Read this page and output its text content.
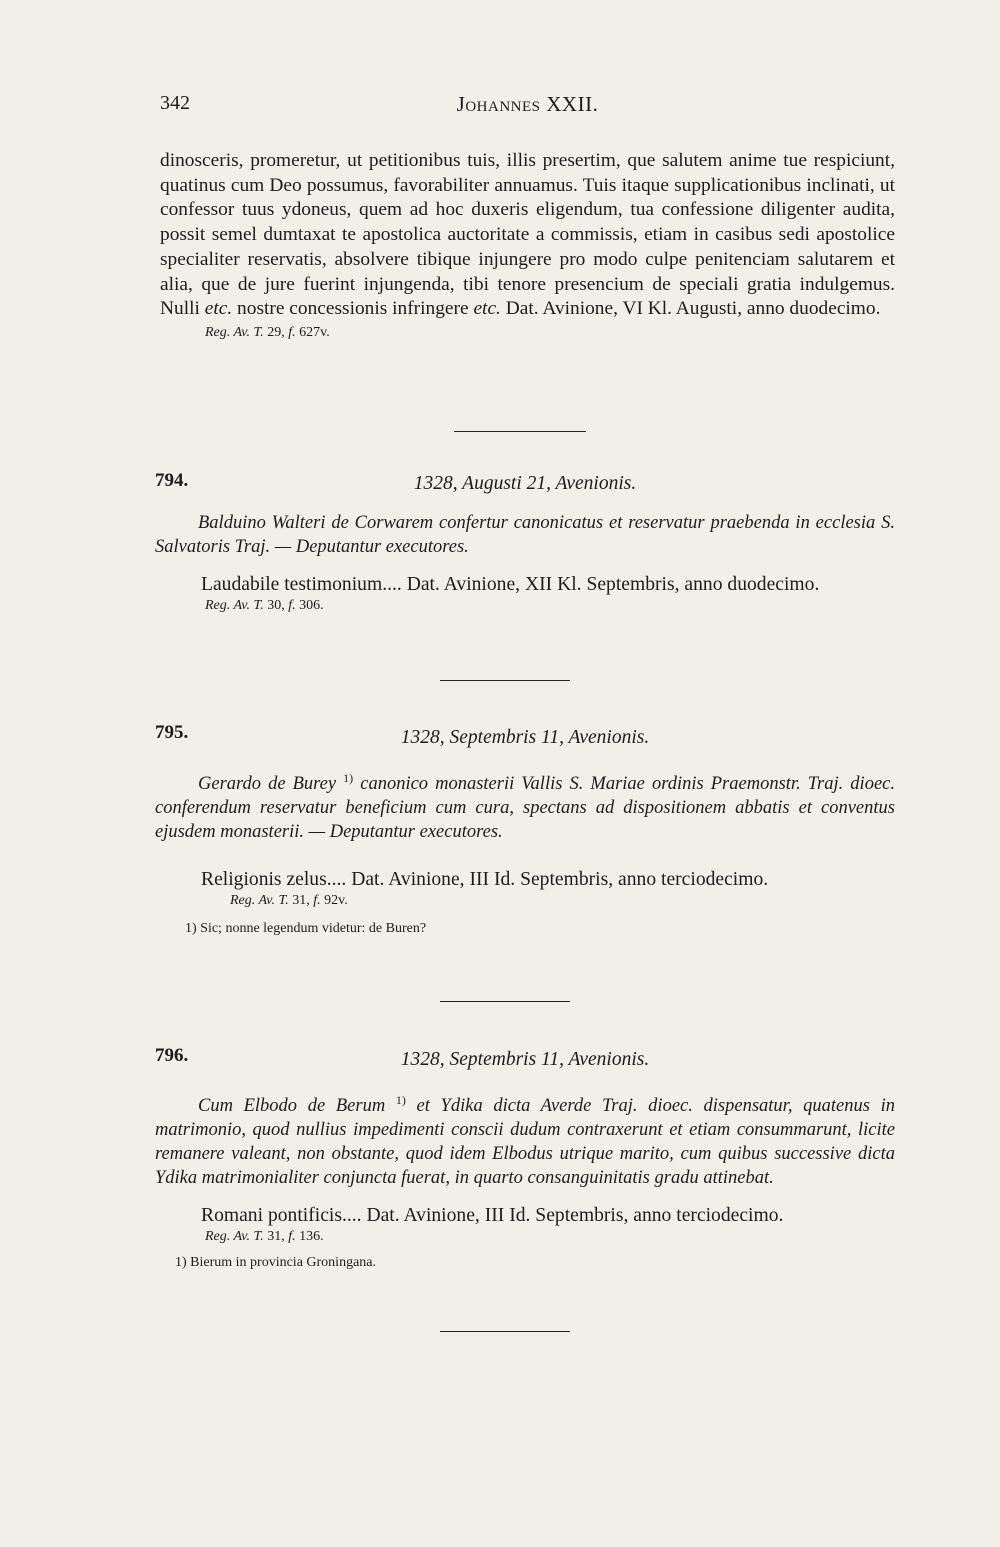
342	Johannes XXII.
dinosceris, promeretur, ut petitionibus tuis, illis presertim, que salutem anime tue respiciunt, quatinus cum Deo possumus, favorabiliter annuamus. Tuis itaque supplicationibus inclinati, ut confessor tuus ydoneus, quem ad hoc duxeris eligendum, tua confessione diligenter audita, possit semel dumtaxat te apostolica auctoritate a commissis, etiam in casibus sedi apostolice specialiter reservatis, absolvere tibique injungere pro modo culpe penitenciam salutarem et alia, que de jure fuerint injungenda, tibi tenore presencium de speciali gratia indulgemus. Nulli etc. nostre concessionis infringere etc. Dat. Avinione, VI Kl. Augusti, anno duodecimo.
Reg. Av. T. 29, f. 627v.
794.	1328, Augusti 21, Avenionis.

Balduino Walteri de Corwarem confertur canonicatus et reservatur praebenda in ecclesia S. Salvatoris Traj. — Deputantur executores.

Laudabile testimonium.... Dat. Avinione, XII Kl. Septembris, anno duodecimo.

Reg. Av. T. 30, f. 306.
795.	1328, Septembris 11, Avenionis.

Gerardo de Burey $^{1)}$ canonico monasterii Vallis S. Mariae ordinis Praemonstr. Traj. dioec. conferendum reservatur beneficium cum cura, spectans ad dispositionem abbatis et conventus ejusdem monasterii. — Deputantur executores.

Religionis zelus.... Dat. Avinione, III Id. Septembris, anno terciodecimo.

Reg. Av. T. 31, f. 92v.
1) Sic; nonne legendum videtur: de Buren?
796.	1328, Septembris 11, Avenionis.

Cum Elbodo de Berum $^{1)}$ et Ydika dicta Averde Traj. dioec. dispensatur, quatenus in matrimonio, quod nullius impedimenti conscii dudum contraxerunt et etiam consummarunt, licite remanere valeant, non obstante, quod idem Elbodus utrique marito, cum quibus successive dicta Ydika matrimonialiter conjuncta fuerat, in quarto consanguinitatis gradu attinebat.

Romani pontificis.... Dat. Avinione, III Id. Septembris, anno terciodecimo.

Reg. Av. T. 31, f. 136.
1) Bierum in provincia Groningana.
